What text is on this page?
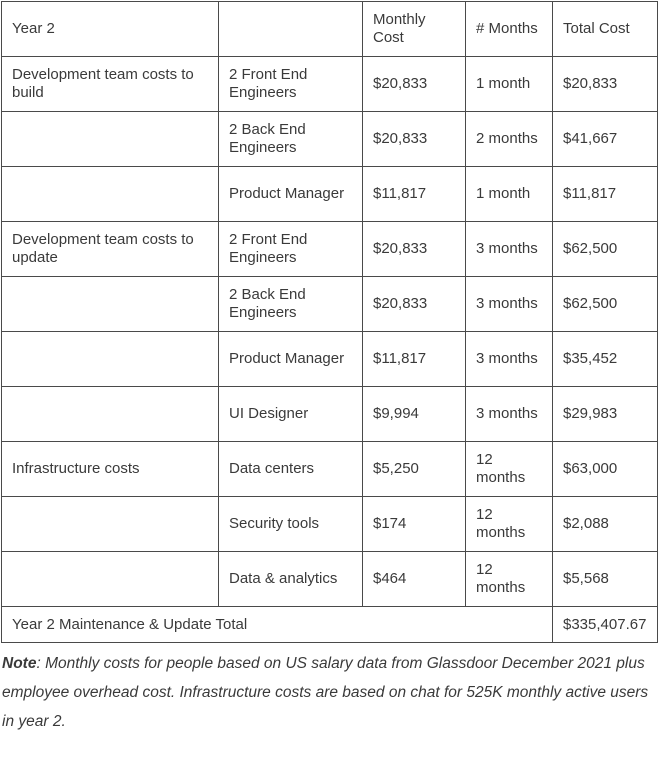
Year 2		Monthly Cost	# Months	Total Cost
Development team costs to build	2 Front End Engineers	$20,833	1 month	$20,833
	2 Back End Engineers	$20,833	2 months	$41,667
	Product Manager	$11,817	1 month	$11,817
Development team costs to update	2 Front End Engineers	$20,833	3 months	$62,500
	2 Back End Engineers	$20,833	3 months	$62,500
	Product Manager	$11,817	3 months	$35,452
	UI Designer	$9,994	3 months	$29,983
Infrastructure costs	Data centers	$5,250	12 months	$63,000
	Security tools	$174	12 months	$2,088
	Data & analytics	$464	12 months	$5,568
Year 2 Maintenance & Update Total				$335,407.67

Note: Monthly costs for people based on US salary data from Glassdoor December 2021 plus employee overhead cost. Infrastructure costs are based on chat for 525K monthly active users in year 2.
